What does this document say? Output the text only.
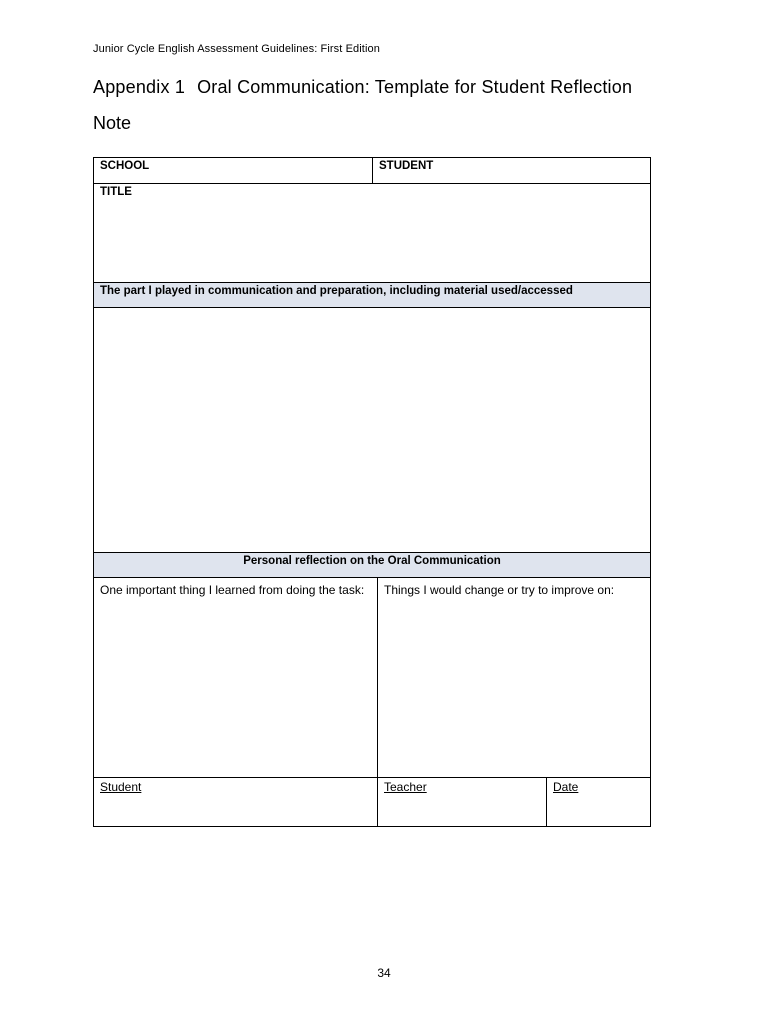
Junior Cycle English Assessment Guidelines: First Edition
Appendix 1 Oral Communication: Template for Student Reflection
Note
SCHOOL	STUDENT
TITLE
The part I played in communication and preparation, including material used/accessed
Personal reflection on the Oral Communication
One important thing I learned from doing the task:	Things I would change or try to improve on:
Student	Teacher	Date
34
